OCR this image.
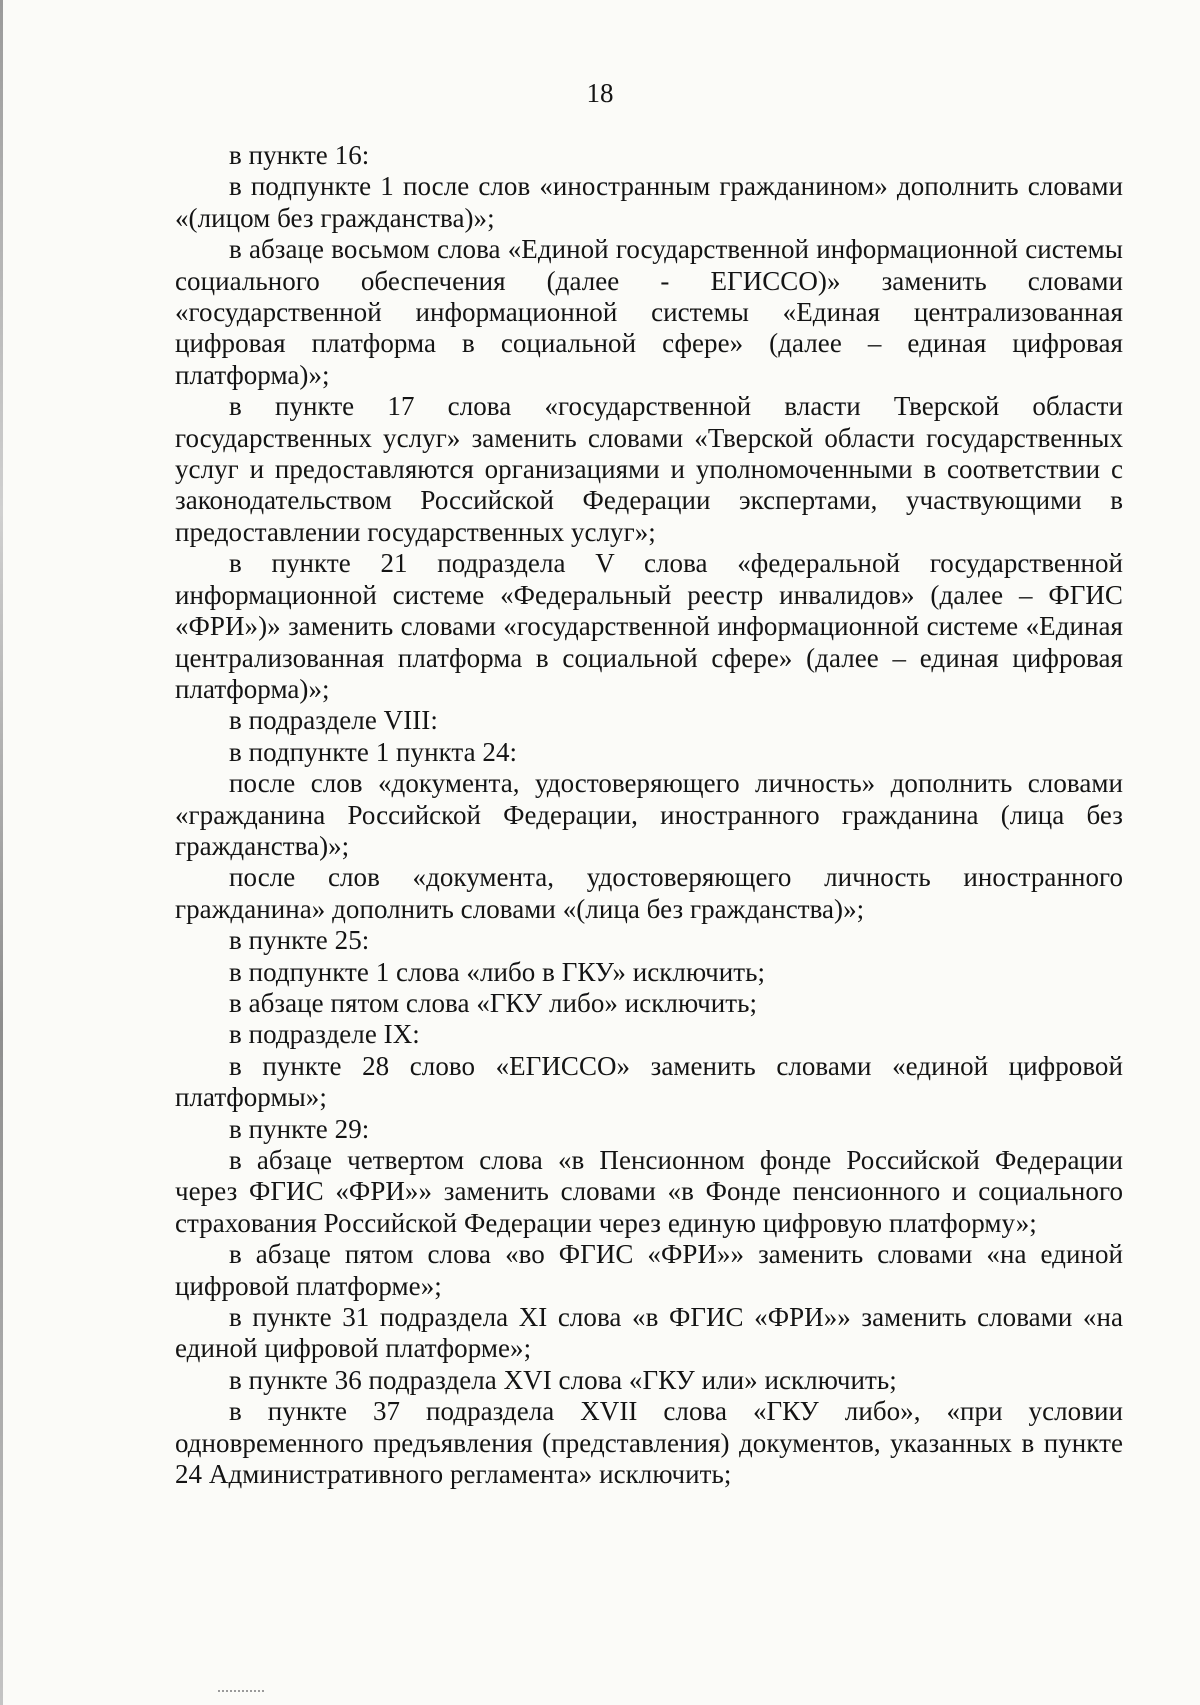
18

в пункте 16:

в подпункте 1 после слов «иностранным гражданином» дополнить словами «(лицом без гражданства)»;

в абзаце восьмом слова «Единой государственной информационной системы социального обеспечения (далее - ЕГИССО)» заменить словами «государственной информационной системы «Единая централизованная цифровая платформа в социальной сфере» (далее – единая цифровая платформа)»;

в пункте 17 слова «государственной власти Тверской области государственных услуг» заменить словами «Тверской области государственных услуг и предоставляются организациями и уполномоченными в соответствии с законодательством Российской Федерации экспертами, участвующими в предоставлении государственных услуг»;

в пункте 21 подраздела V слова «федеральной государственной информационной системе «Федеральный реестр инвалидов» (далее – ФГИС «ФРИ»)» заменить словами «государственной информационной системе «Единая централизованная платформа в социальной сфере» (далее – единая цифровая платформа)»;

в подразделе VIII:

в подпункте 1 пункта 24:

после слов «документа, удостоверяющего личность» дополнить словами «гражданина Российской Федерации, иностранного гражданина (лица без гражданства)»;

после слов «документа, удостоверяющего личность иностранного гражданина» дополнить словами «(лица без гражданства)»;

в пункте 25:

в подпункте 1 слова «либо в ГКУ» исключить;

в абзаце пятом слова «ГКУ либо» исключить;

в подразделе IX:

в пункте 28 слово «ЕГИССО» заменить словами «единой цифровой платформы»;

в пункте 29:

в абзаце четвертом слова «в Пенсионном фонде Российской Федерации через ФГИС «ФРИ»» заменить словами «в Фонде пенсионного и социального страхования Российской Федерации через единую цифровую платформу»;

в абзаце пятом слова «во ФГИС «ФРИ»» заменить словами «на единой цифровой платформе»;

в пункте 31 подраздела XI слова «в ФГИС «ФРИ»» заменить словами «на единой цифровой платформе»;

в пункте 36 подраздела XVI слова «ГКУ или» исключить;

в пункте 37 подраздела XVII слова «ГКУ либо», «при условии одновременного предъявления (представления) документов, указанных в пункте 24 Административного регламента» исключить;
